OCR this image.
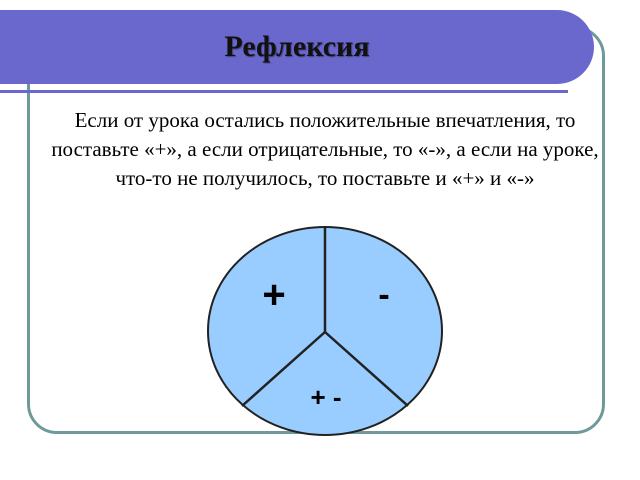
Рефлексия
Если от урока остались положительные впечатления, то поставьте «+», а если отрицательные, то «-», а если на уроке, что-то не получилось, то поставьте и «+» и «-»
+	-
+ -
